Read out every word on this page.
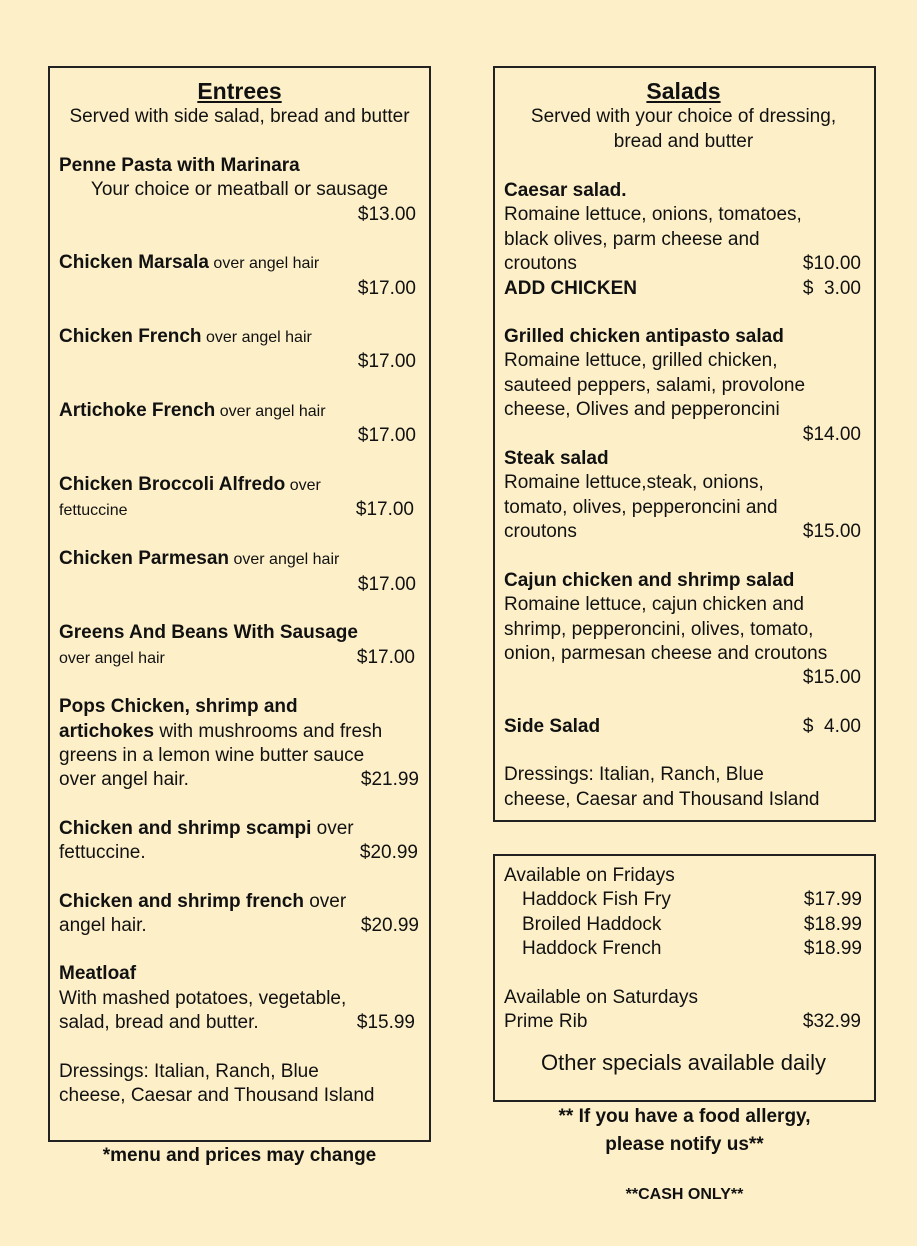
Entrees
Served with side salad, bread and butter
Penne Pasta with Marinara
Your choice or meatball or sausage
$13.00
Chicken Marsala over angel hair
$17.00
Chicken French over angel hair
$17.00
Artichoke French over angel hair
$17.00
Chicken Broccoli Alfredo over
fettuccine	$17.00
Chicken Parmesan over angel hair
$17.00
Greens And Beans With Sausage
over angel hair	$17.00
Pops Chicken, shrimp and
artichokes with mushrooms and fresh
greens in a lemon wine butter sauce
over angel hair.	$21.99
Chicken and shrimp scampi over
fettuccine.	$20.99
Chicken and shrimp french over
angel hair.	$20.99
Meatloaf
With mashed potatoes, vegetable,
salad, bread and butter.	$15.99
Dressings: Italian, Ranch, Blue
cheese, Caesar and Thousand Island
*menu and prices may change
Salads
Served with your choice of dressing, bread and butter
Caesar salad.
Romaine lettuce, onions, tomatoes,
black olives, parm cheese and
croutons	$10.00
ADD CHICKEN	$  3.00
Grilled chicken antipasto salad
Romaine lettuce, grilled chicken,
sauteed peppers, salami, provolone
cheese, Olives and pepperoncini
$14.00
Steak salad
Romaine lettuce,steak, onions,
tomato, olives, pepperoncini and
croutons	$15.00
Cajun chicken and shrimp salad
Romaine lettuce, cajun chicken and
shrimp, pepperoncini, olives, tomato,
onion, parmesan cheese and croutons
$15.00
Side Salad	$  4.00
Dressings: Italian, Ranch, Blue
cheese, Caesar and Thousand Island
Available on Fridays
Haddock Fish Fry	$17.99
Broiled Haddock	$18.99
Haddock French	$18.99
Available on Saturdays
Prime Rib	$32.99
Other specials available daily
** If you have a food allergy,
please notify us**
**CASH ONLY**
